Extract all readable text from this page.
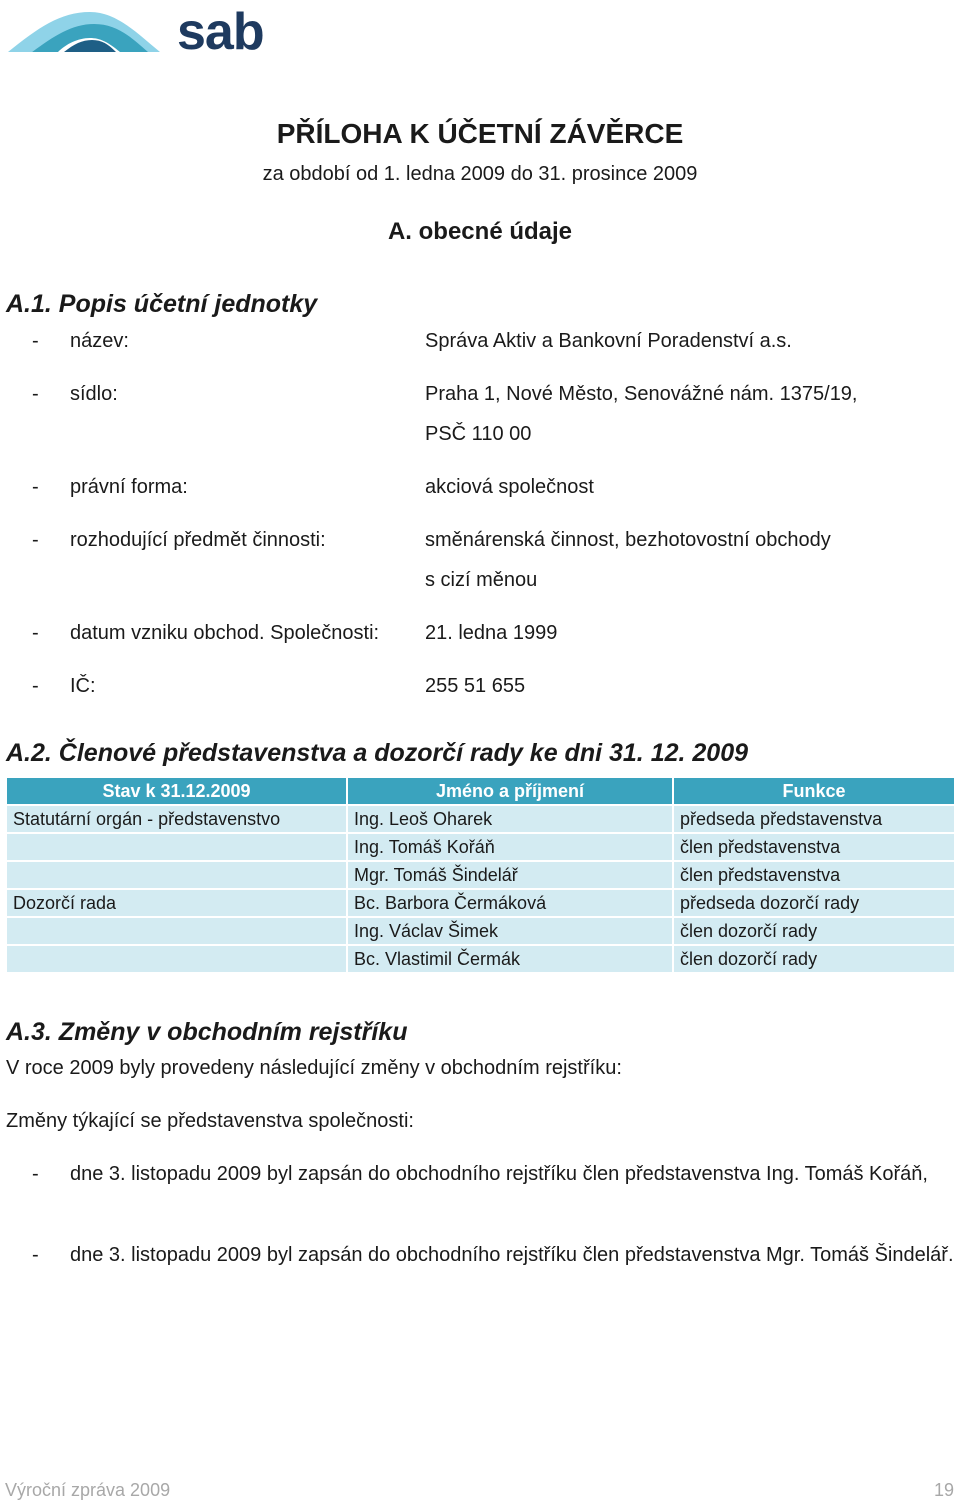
sab
PŘÍLOHA K ÚČETNÍ ZÁVĚRCE
za období od 1. ledna 2009 do 31. prosince 2009
A. obecné údaje
A.1. Popis účetní jednotky
- název:	Správa Aktiv a Bankovní Poradenství a.s.
- sídlo:	Praha 1, Nové Město, Senovážné nám. 1375/19,
PSČ 110 00
- právní forma:	akciová společnost
- rozhodující předmět činnosti:	směnárenská činnost, bezhotovostní obchody
s cizí měnou
- datum vzniku obchod. Společnosti: 21. ledna 1999
- IČ:	255 51 655
A.2. Členové představenstva a dozorčí rady ke dni 31. 12. 2009
Stav k 31.12.2009	Jméno a příjmení	Funkce
Statutární orgán - představenstvo	Ing. Leoš Oharek	předseda představenstva
	Ing. Tomáš Kořáň	člen představenstva
	Mgr. Tomáš Šindelář	člen představenstva
Dozorčí rada	Bc. Barbora Čermáková	předseda dozorčí rady
	Ing. Václav Šimek	člen dozorčí rady
	Bc. Vlastimil Čermák	člen dozorčí rady
A.3. Změny v obchodním rejstříku
V roce 2009 byly provedeny následující změny v obchodním rejstříku:
Změny týkající se představenstva společnosti:
- dne 3. listopadu 2009 byl zapsán do obchodního rejstříku člen představenstva Ing. Tomáš Kořáň,
- dne 3. listopadu 2009 byl zapsán do obchodního rejstříku člen představenstva Mgr. Tomáš Šindelář.
Výroční zpráva 2009	19
